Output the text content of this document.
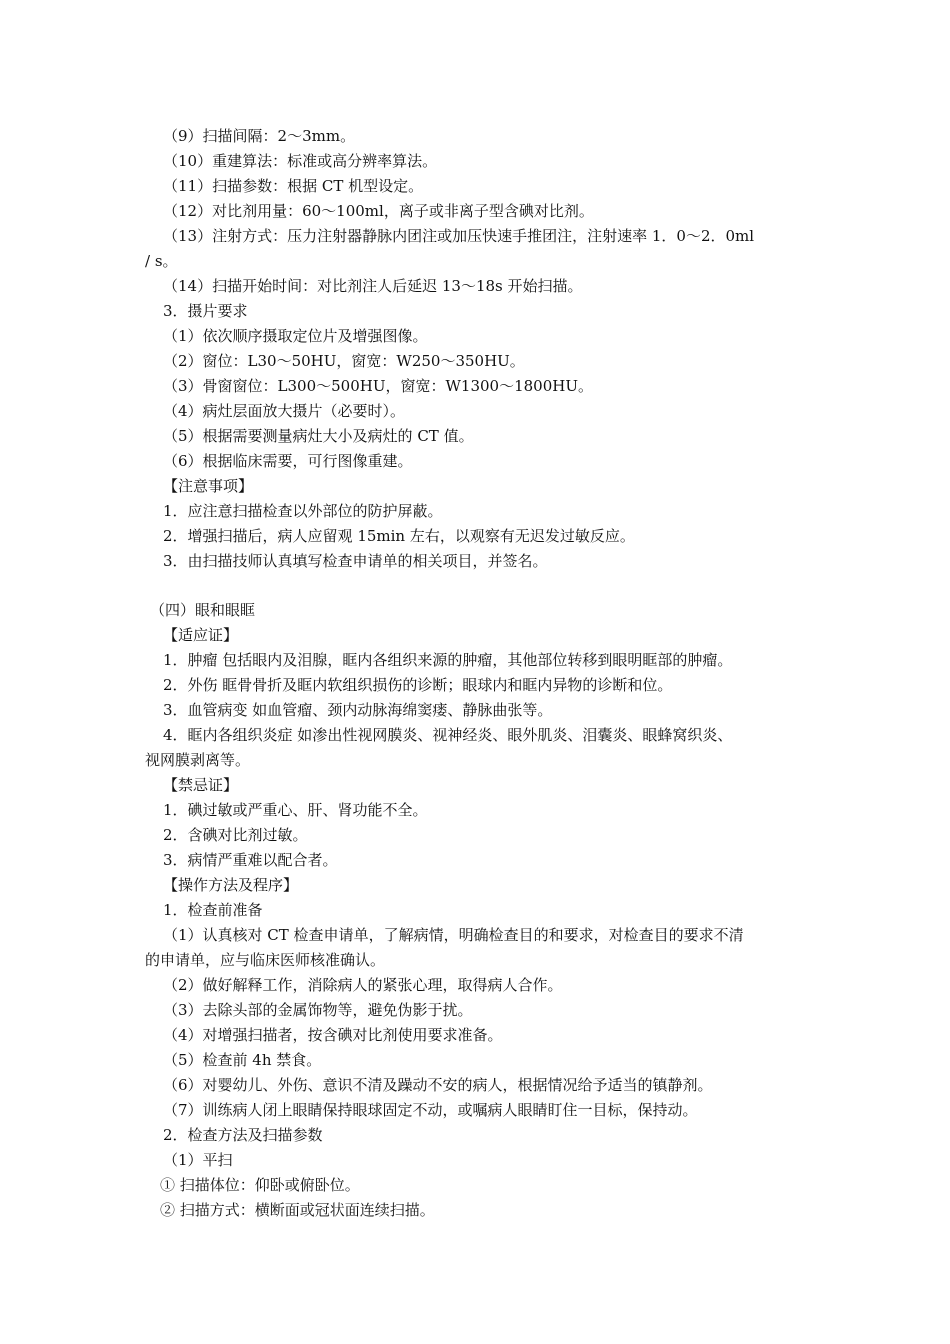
（9）扫描间隔：2～3mm。
（10）重建算法：标准或高分辨率算法。
（11）扫描参数：根据 CT 机型设定。
（12）对比剂用量：60～100ml，离子或非离子型含碘对比剂。
（13）注射方式：压力注射器静脉内团注或加压快速手推团注，注射速率 1．0～2．0ml
/ s。
（14）扫描开始时间：对比剂注人后延迟 13～18s 开始扫描。
3．摄片要求
（1）依次顺序摄取定位片及增强图像。
（2）窗位：L30～50HU，窗宽：W250～350HU。
（3）骨窗窗位：L300～500HU，窗宽：W1300～1800HU。
（4）病灶层面放大摄片（必要时）。
（5）根据需要测量病灶大小及病灶的 CT 值。
（6）根据临床需要，可行图像重建。
【注意事项】
1．应注意扫描检查以外部位的防护屏蔽。
2．增强扫描后，病人应留观 15min 左右，以观察有无迟发过敏反应。
3．由扫描技师认真填写检查申请单的相关项目，并签名。
（四）眼和眼眶
【适应证】
1．肿瘤 包括眼内及泪腺，眶内各组织来源的肿瘤，其他部位转移到眼明眶部的肿瘤。
2．外伤 眶骨骨折及眶内软组织损伤的诊断；眼球内和眶内异物的诊断和位。
3．血管病变 如血管瘤、颈内动脉海绵窦瘘、静脉曲张等。
4．眶内各组织炎症 如渗出性视网膜炎、视神经炎、眼外肌炎、泪囊炎、眼蜂窝织炎、
视网膜剥离等。
【禁忌证】
1．碘过敏或严重心、肝、肾功能不全。
2．含碘对比剂过敏。
3．病情严重难以配合者。
【操作方法及程序】
1．检查前准备
（1）认真核对 CT 检查申请单，了解病情，明确检查目的和要求，对检查目的要求不清
的申请单，应与临床医师核准确认。
（2）做好解释工作，消除病人的紧张心理，取得病人合作。
（3）去除头部的金属饰物等，避免伪影于扰。
（4）对增强扫描者，按含碘对比剂使用要求准备。
（5）检查前 4h 禁食。
（6）对婴幼儿、外伤、意识不清及躁动不安的病人，根据情况给予适当的镇静剂。
（7）训练病人闭上眼睛保持眼球固定不动，或嘱病人眼睛盯住一目标，保持动。
2．检查方法及扫描参数
（1）平扫
① 扫描体位：仰卧或俯卧位。
② 扫描方式：横断面或冠状面连续扫描。
